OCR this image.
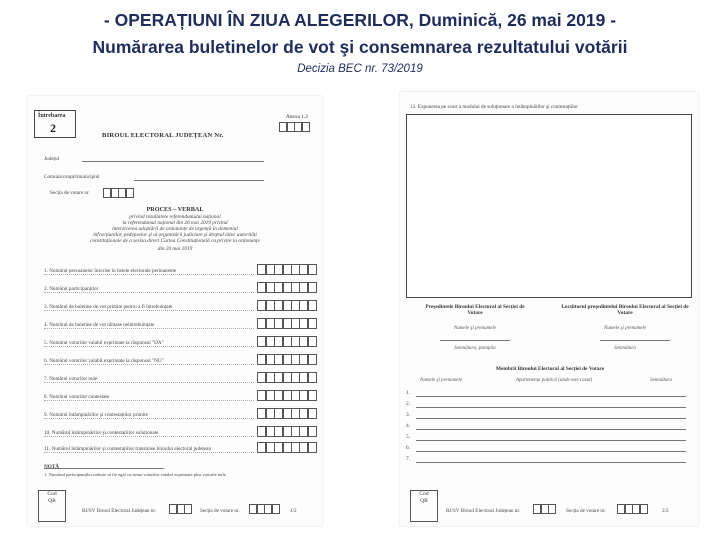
- OPERAȚIUNI ÎN ZIUA ALEGERILOR, Duminică, 26 mai 2019 -
Numărarea buletinelor de vot şi consemnarea rezultatului votării
Decizia BEC nr. 73/2019
Întrebarea
2
Anexa 1.2
BIROUL ELECTORAL JUDEȚEAN Nr.
Județul
Comuna/oraşul/municipiul
Secția de votare nr.
PROCES – VERBAL
privind rezultatele referendumului național
la referendumul național din 26 mai 2019 privind
interzicerea adoptării de ordonanțe de urgență în domeniul
infracțiunilor, pedepselor şi al organizării judiciare şi dreptul altor autorități
constituționale de a sesiza direct Curtea Constituțională cu privire la ordonanțe
din 26 mai 2019
1. Numărul persoanelor înscrise în listele electorale permanente
2. Numărul participanților
3. Numărul de buletine de vot primite pentru a fi întrebuințate
4. Numărul de buletine de vot rămase neîntrebuințate
5. Numărul voturilor valabil exprimate la răspunsul "DA"
6. Numărul voturilor valabil exprimate la răspunsul "NU"
7. Numărul voturilor nule
8. Numărul voturilor contestate
9. Numărul întâmpinărilor şi contestațiilor primite
10. Numărul întâmpinărilor şi contestațiilor soluționate
11. Numărul întâmpinărilor şi contestațiilor transmise biroului electoral județean
NOTĂ
1. Numărul participanților trebuie să fie egal cu suma voturilor valabil exprimate plus voturile nule
Cod
QR
RJ/SV Biroul Electoral Județean nr.	Secția de votare nr.	1/2
12. Expunerea pe scurt a modului de soluționare a întâmpinărilor şi contestațiilor
Preşedintele Biroului Electoral al Secției de Votare
Locțiitorul preşedintelui Biroului Electoral al Secției de Votare
Numele şi prenumele	Numele şi prenumele
Semnătura, ştampila	Semnătura
Membrii Biroului Electoral al Secției de Votare
Numele şi prenumele	Apartenența politică (unde este cazul)	Semnătura
1.
2.
3.
4.
5.
6.
7.
Cod
QR
RJ/SV Biroul Electoral Județean nr.	Secția de votare nr.	2/2
